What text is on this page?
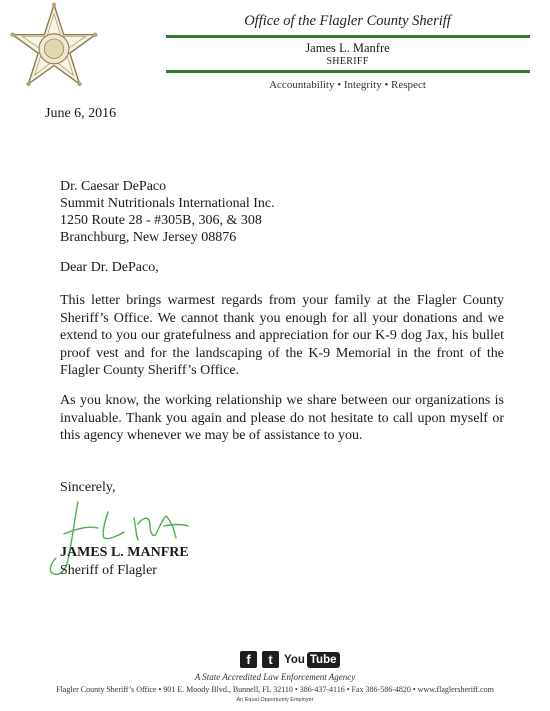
Office of the Flagler County Sheriff
James L. Manfre
SHERIFF
Accountability • Integrity • Respect
June 6, 2016
Dr. Caesar DePaco
Summit Nutritionals International Inc.
1250 Route 28 - #305B, 306, & 308
Branchburg, New Jersey 08876
Dear Dr. DePaco,
This letter brings warmest regards from your family at the Flagler County Sheriff’s Office. We cannot thank you enough for all your donations and we extend to you our gratefulness and appreciation for our K-9 dog Jax, his bullet proof vest and for the landscaping of the K-9 Memorial in the front of the Flagler County Sheriff’s Office.
As you know, the working relationship we share between our organizations is invaluable. Thank you again and please do not hesitate to call upon myself or this agency whenever we may be of assistance to you.
Sincerely,
JAMES L. MANFRE
Sheriff of Flagler
f	t You Tube
A State Accredited Law Enforcement Agency
Flagler County Sheriff’s Office • 901 E. Moody Blvd., Bunnell, FL 32110 • 386-437-4116 • Fax 386-586-4820 • www.flaglersheriff.com
An Equal Opportunity Employer
